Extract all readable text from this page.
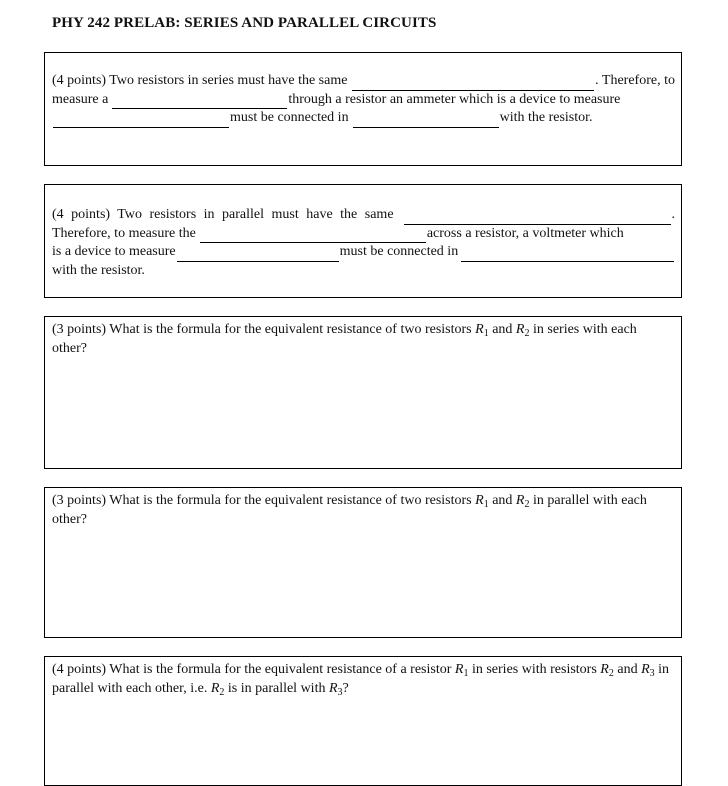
PHY 242 PRELAB: SERIES AND PARALLEL CIRCUITS
(4 points) Two resistors in series must have the same	. Therefore, to
measure a	through a resistor an ammeter which is a device to measure
must be connected in	with the resistor.
(4 points) Two resistors in parallel must have the same	.
Therefore, to measure the	across a resistor, a voltmeter which
is a device to measure	must be connected in
with the resistor.

(3 points) What is the formula for the equivalent resistance of two resistors $R_1$ and $R_2$ in series with each other?

(3 points) What is the formula for the equivalent resistance of two resistors $R_1$ and $R_2$ in parallel with each other?

(4 points) What is the formula for the equivalent resistance of a resistor $R_1$ in series with resistors $R_2$ and $R_3$ in parallel with each other, i.e. $R_2$ is in parallel with $R_3$?
